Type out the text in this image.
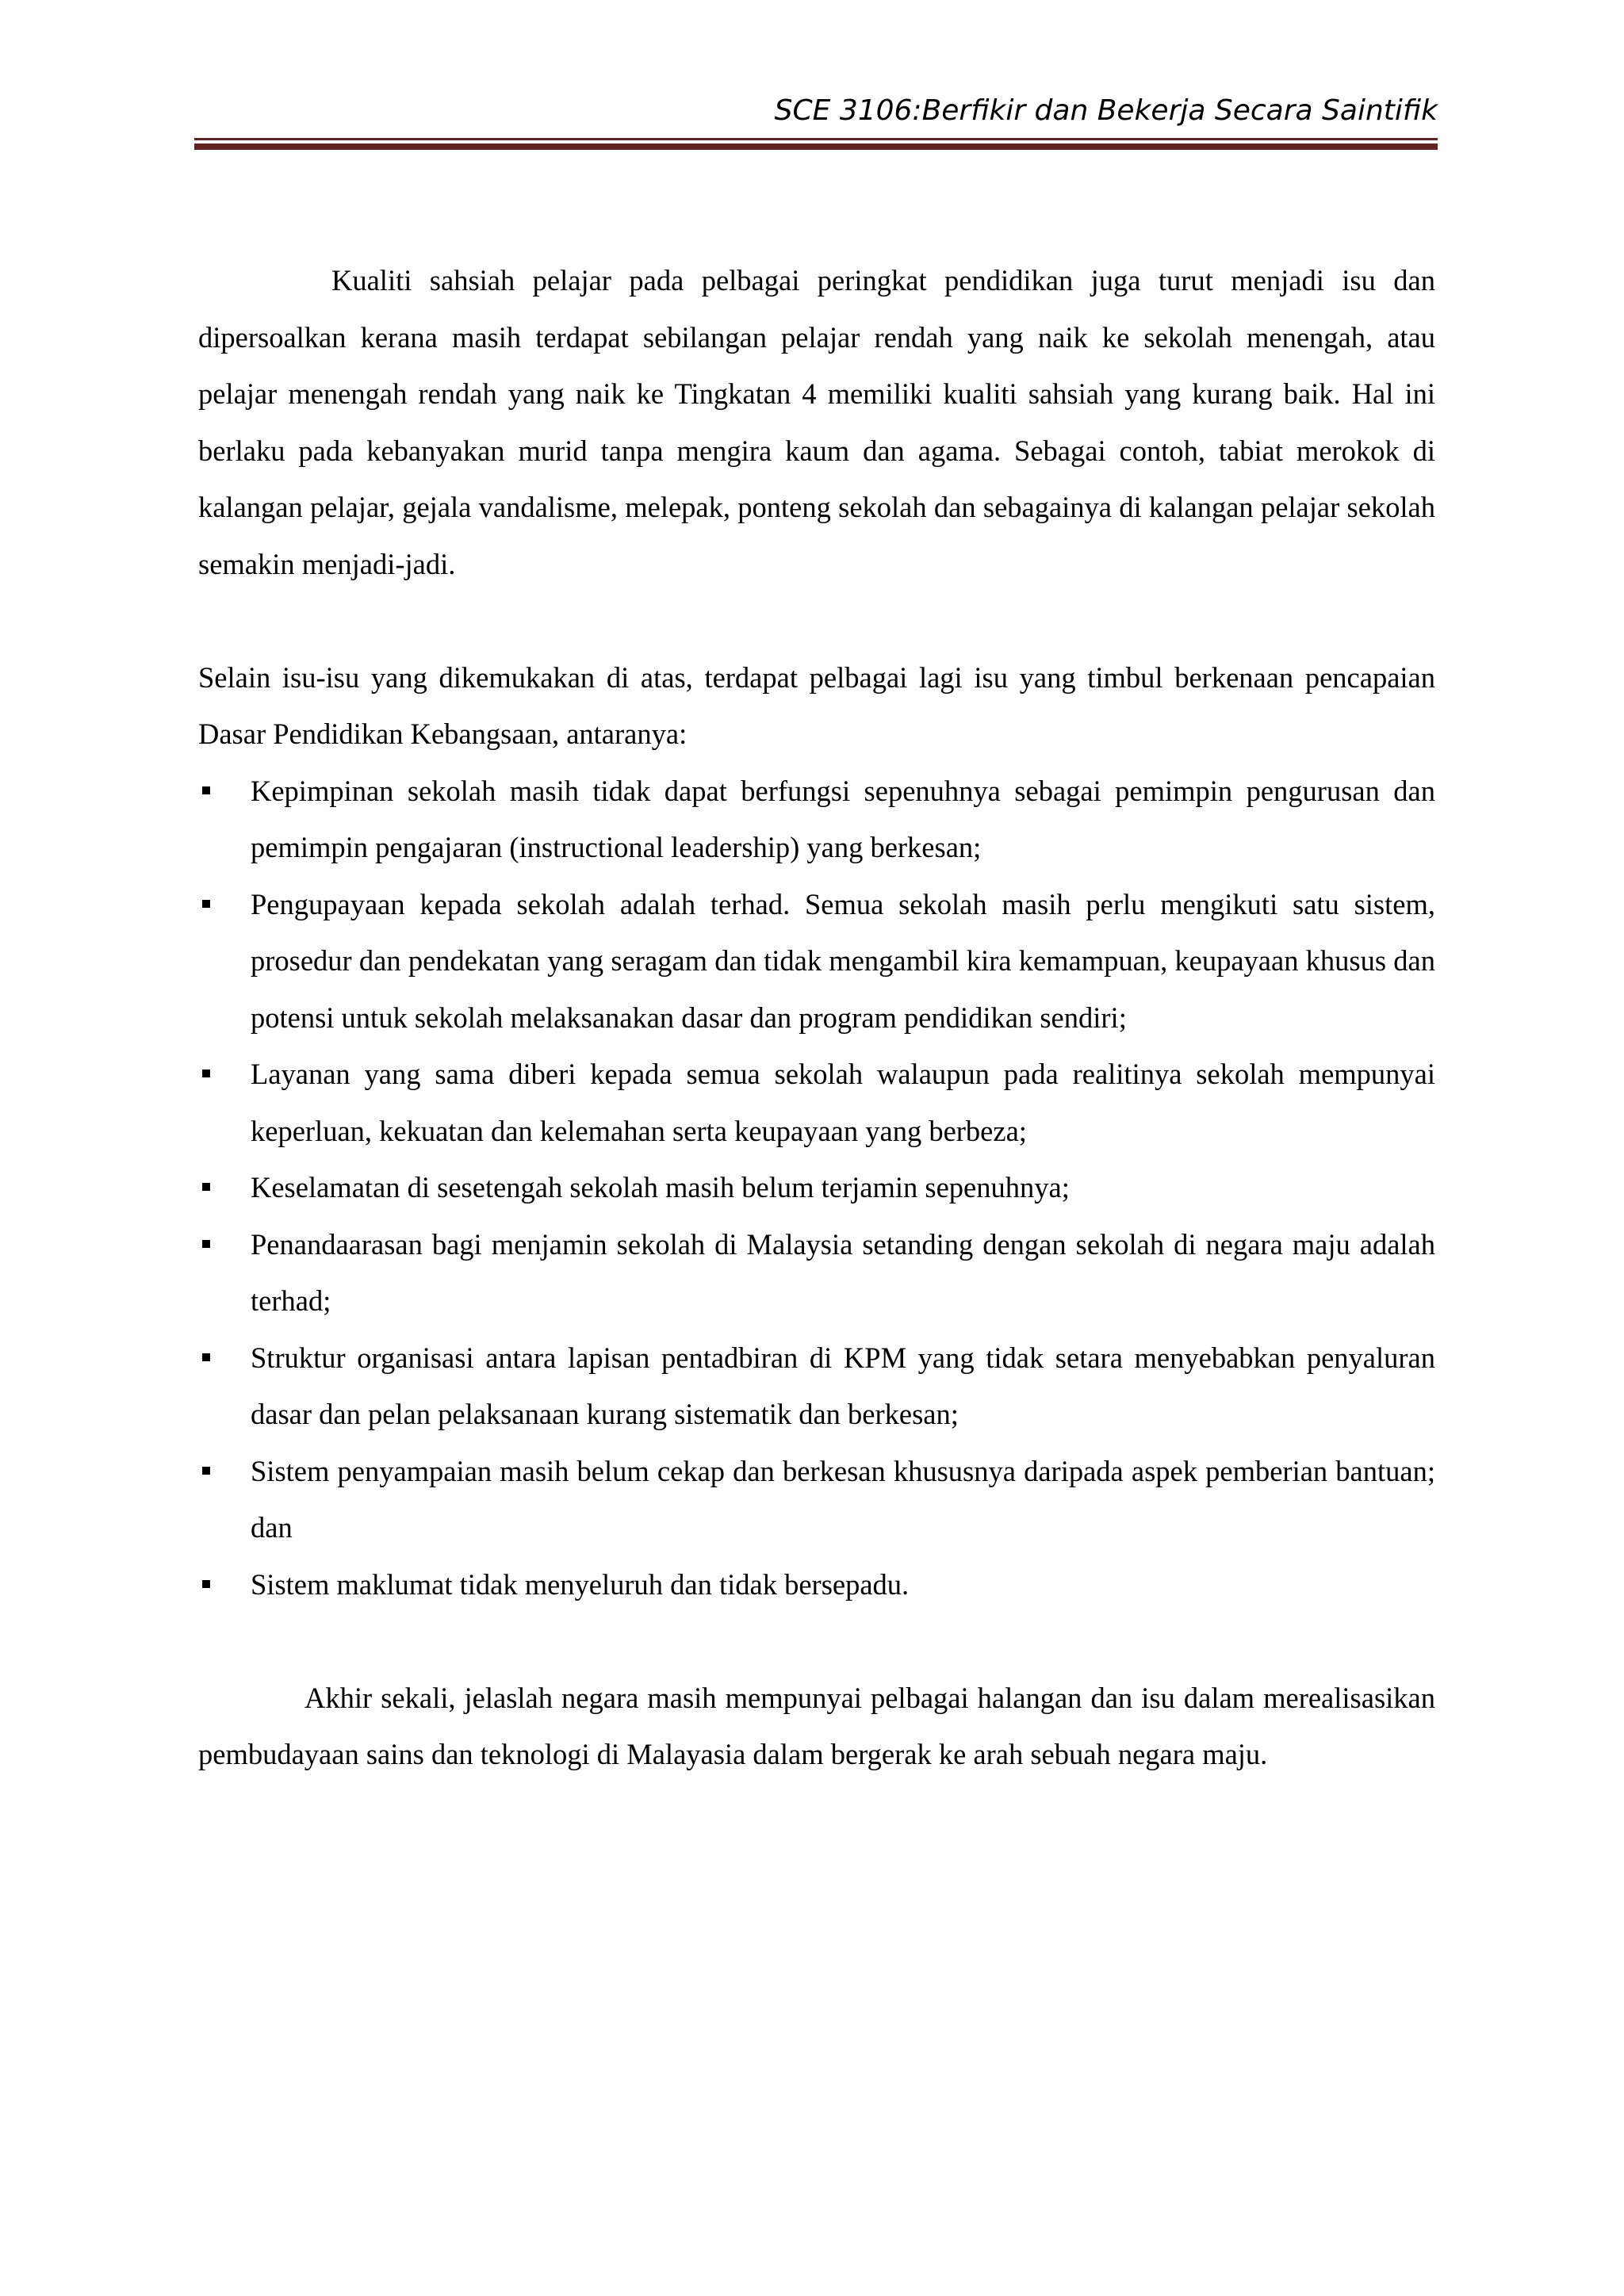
SCE 3106:Berfikir dan Bekerja Secara Saintifik

Kualiti sahsiah pelajar pada pelbagai peringkat pendidikan juga turut menjadi isu dan dipersoalkan kerana masih terdapat sebilangan pelajar rendah yang naik ke sekolah menengah, atau pelajar menengah rendah yang naik ke Tingkatan 4 memiliki kualiti sahsiah yang kurang baik. Hal ini berlaku pada kebanyakan murid tanpa mengira kaum dan agama. Sebagai contoh, tabiat merokok di kalangan pelajar, gejala vandalisme, melepak, ponteng sekolah dan sebagainya di kalangan pelajar sekolah semakin menjadi-jadi.

Selain isu-isu yang dikemukakan di atas, terdapat pelbagai lagi isu yang timbul berkenaan pencapaian Dasar Pendidikan Kebangsaan, antaranya:

Kepimpinan sekolah masih tidak dapat berfungsi sepenuhnya sebagai pemimpin pengurusan dan pemimpin pengajaran (instructional leadership) yang berkesan;
Pengupayaan kepada sekolah adalah terhad. Semua sekolah masih perlu mengikuti satu sistem, prosedur dan pendekatan yang seragam dan tidak mengambil kira kemampuan, keupayaan khusus dan potensi untuk sekolah melaksanakan dasar dan program pendidikan sendiri;
Layanan yang sama diberi kepada semua sekolah walaupun pada realitinya sekolah mempunyai keperluan, kekuatan dan kelemahan serta keupayaan yang berbeza;
Keselamatan di sesetengah sekolah masih belum terjamin sepenuhnya;
Penandaarasan bagi menjamin sekolah di Malaysia setanding dengan sekolah di negara maju adalah terhad;
Struktur organisasi antara lapisan pentadbiran di KPM yang tidak setara menyebabkan penyaluran dasar dan pelan pelaksanaan kurang sistematik dan berkesan;
Sistem penyampaian masih belum cekap dan berkesan khususnya daripada aspek pemberian bantuan; dan
Sistem maklumat tidak menyeluruh dan tidak bersepadu.

Akhir sekali, jelaslah negara masih mempunyai pelbagai halangan dan isu dalam merealisasikan pembudayaan sains dan teknologi di Malayasia dalam bergerak ke arah sebuah negara maju.
